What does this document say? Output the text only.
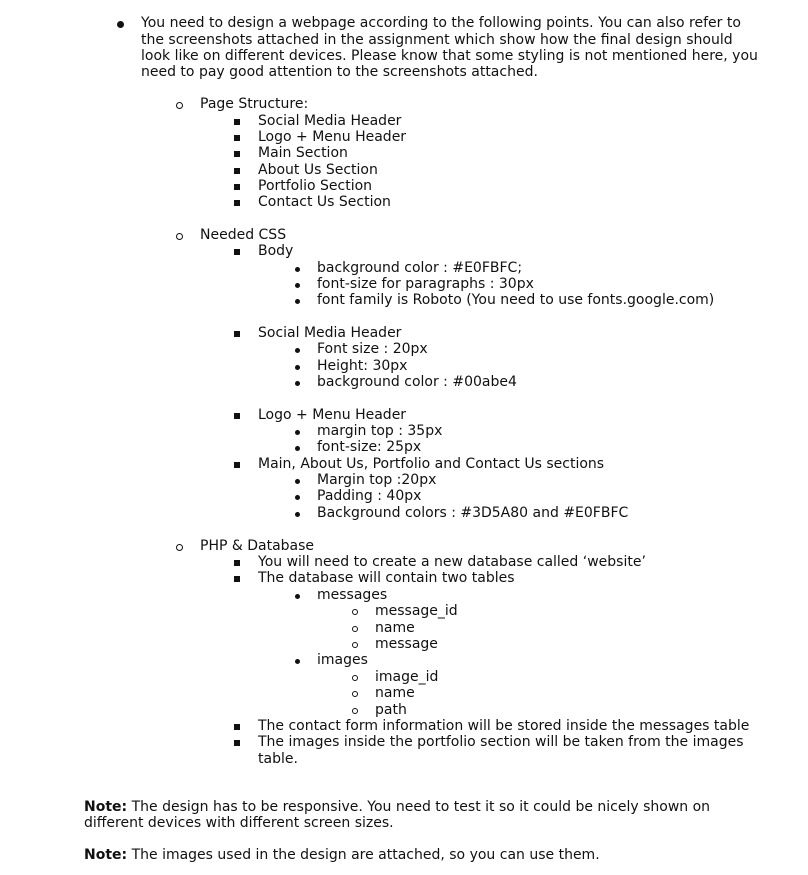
You need to design a webpage according to the following points. You can also refer to
the screenshots attached in the assignment which show how the final design should
look like on different devices. Please know that some styling is not mentioned here, you
need to pay good attention to the screenshots attached.
Page Structure:
Social Media Header
Logo + Menu Header
Main Section
About Us Section
Portfolio Section
Contact Us Section
Needed CSS
Body
background color : #E0FBFC;
font-size for paragraphs : 30px
font family is Roboto (You need to use fonts.google.com)
Social Media Header
Font size : 20px
Height: 30px
background color : #00abe4
Logo + Menu Header
margin top : 35px
font-size: 25px
Main, About Us, Portfolio and Contact Us sections
Margin top :20px
Padding : 40px
Background colors : #3D5A80 and #E0FBFC
PHP & Database
You will need to create a new database called ‘website’
The database will contain two tables
messages
message_id
name
message
images
image_id
name
path
The contact form information will be stored inside the messages table
The images inside the portfolio section will be taken from the images
table.
Note: The design has to be responsive. You need to test it so it could be nicely shown on
different devices with different screen sizes.
Note: The images used in the design are attached, so you can use them.
